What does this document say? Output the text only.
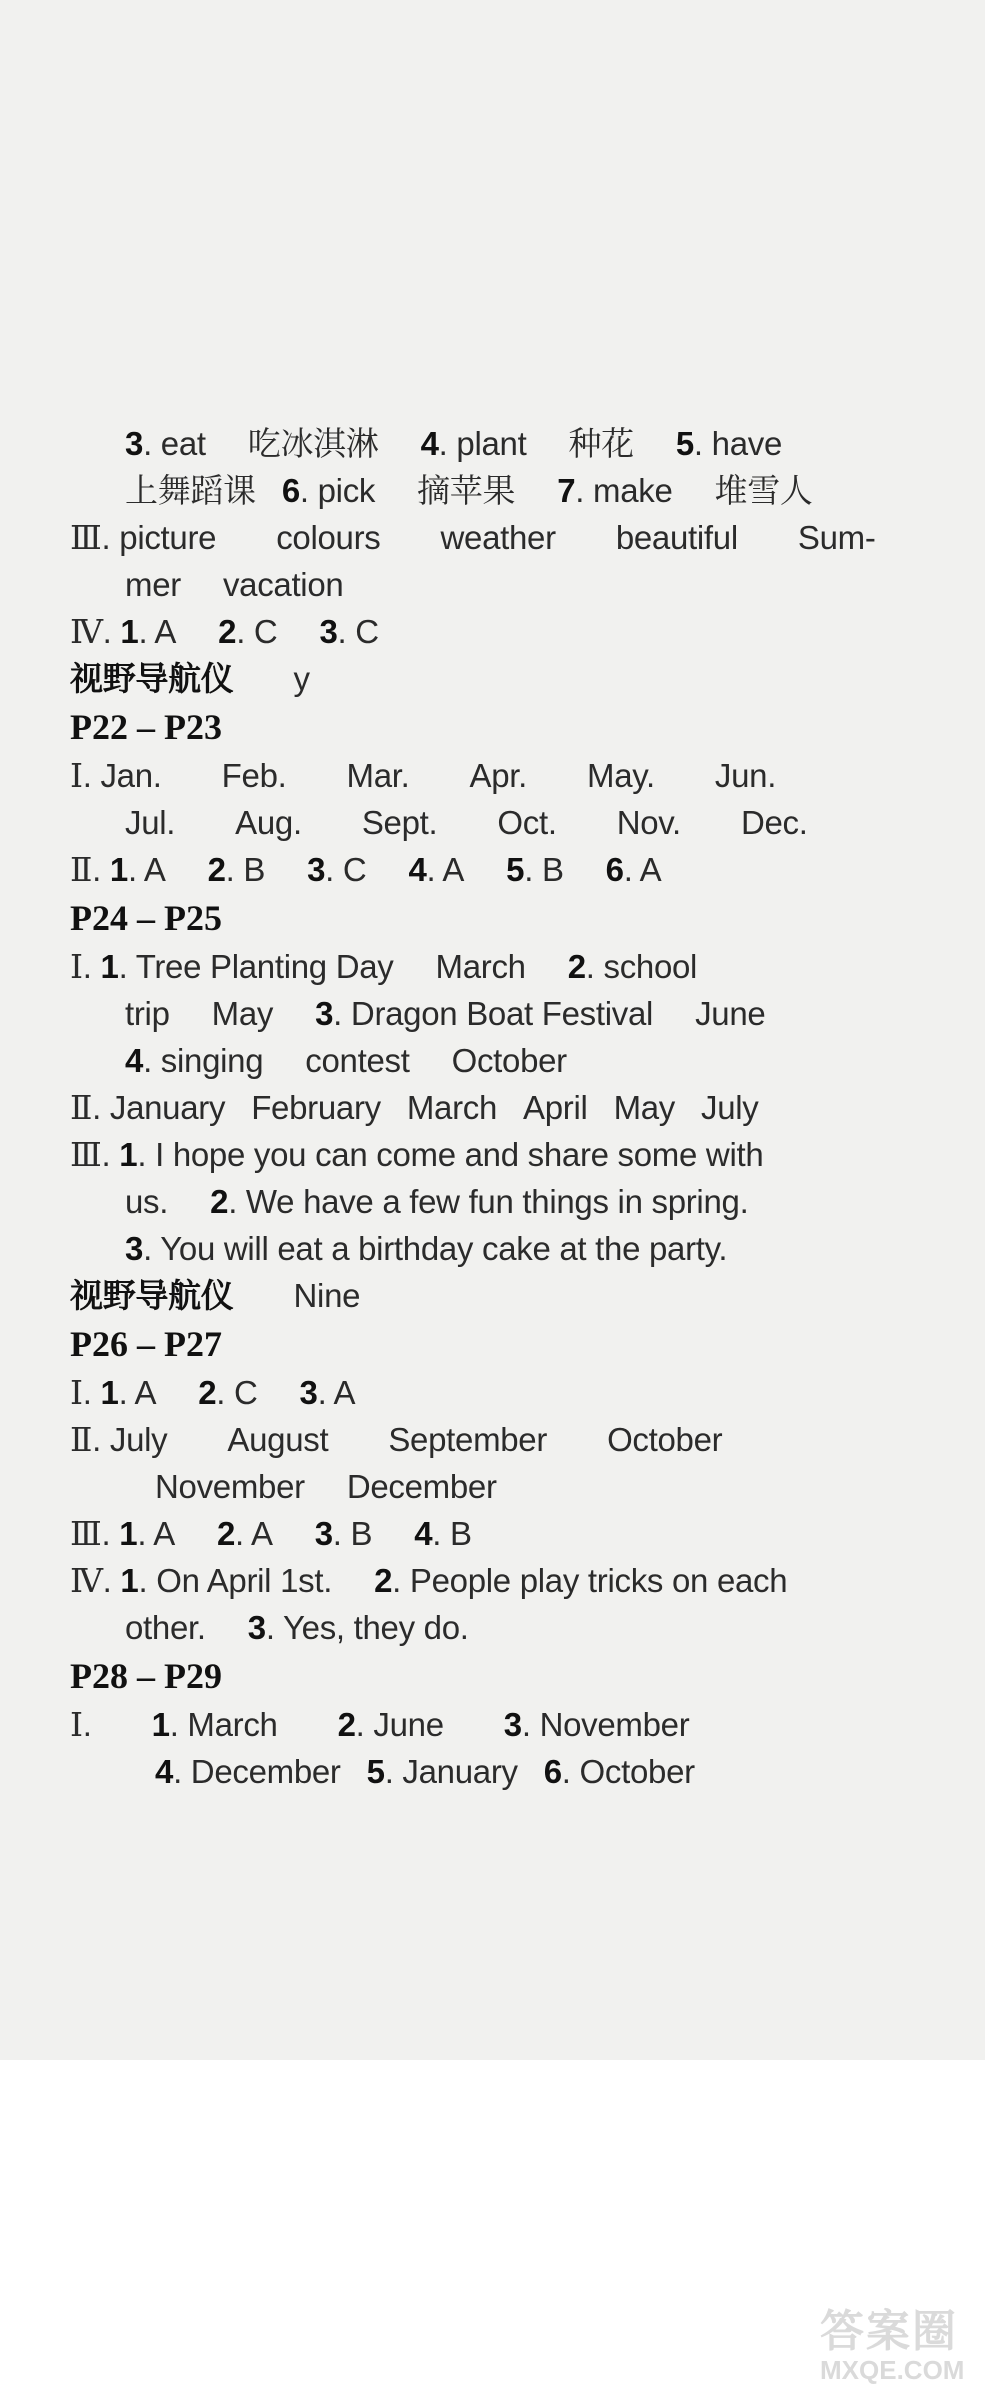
3. eat 吃冰淇淋 4. plant 种花 5. have
上舞蹈课 6. pick 摘苹果 7. make 堆雪人
Ⅲ. picture colours weather beautiful Sum-
mer vacation
Ⅳ. 1. A 2. C 3. C
视野导航仪 y
P22 – P23
Ⅰ. Jan. Feb. Mar. Apr. May. Jun.
Jul. Aug. Sept. Oct. Nov. Dec.
Ⅱ. 1. A 2. B 3. C 4. A 5. B 6. A
P24 – P25
Ⅰ. 1. Tree Planting Day March 2. school
trip May 3. Dragon Boat Festival June
4. singing contest October
Ⅱ. January February March April May July
Ⅲ. 1. I hope you can come and share some with
us. 2. We have a few fun things in spring.
3. You will eat a birthday cake at the party.
视野导航仪 Nine
P26 – P27
Ⅰ. 1. A 2. C 3. A
Ⅱ. July August September October
November December
Ⅲ. 1. A 2. A 3. B 4. B
Ⅳ. 1. On April 1st. 2. People play tricks on each
other. 3. Yes, they do.
P28 – P29
Ⅰ.1. March 2. June 3. November
4. December 5. January 6. October
答案圈
MXQE.COM
